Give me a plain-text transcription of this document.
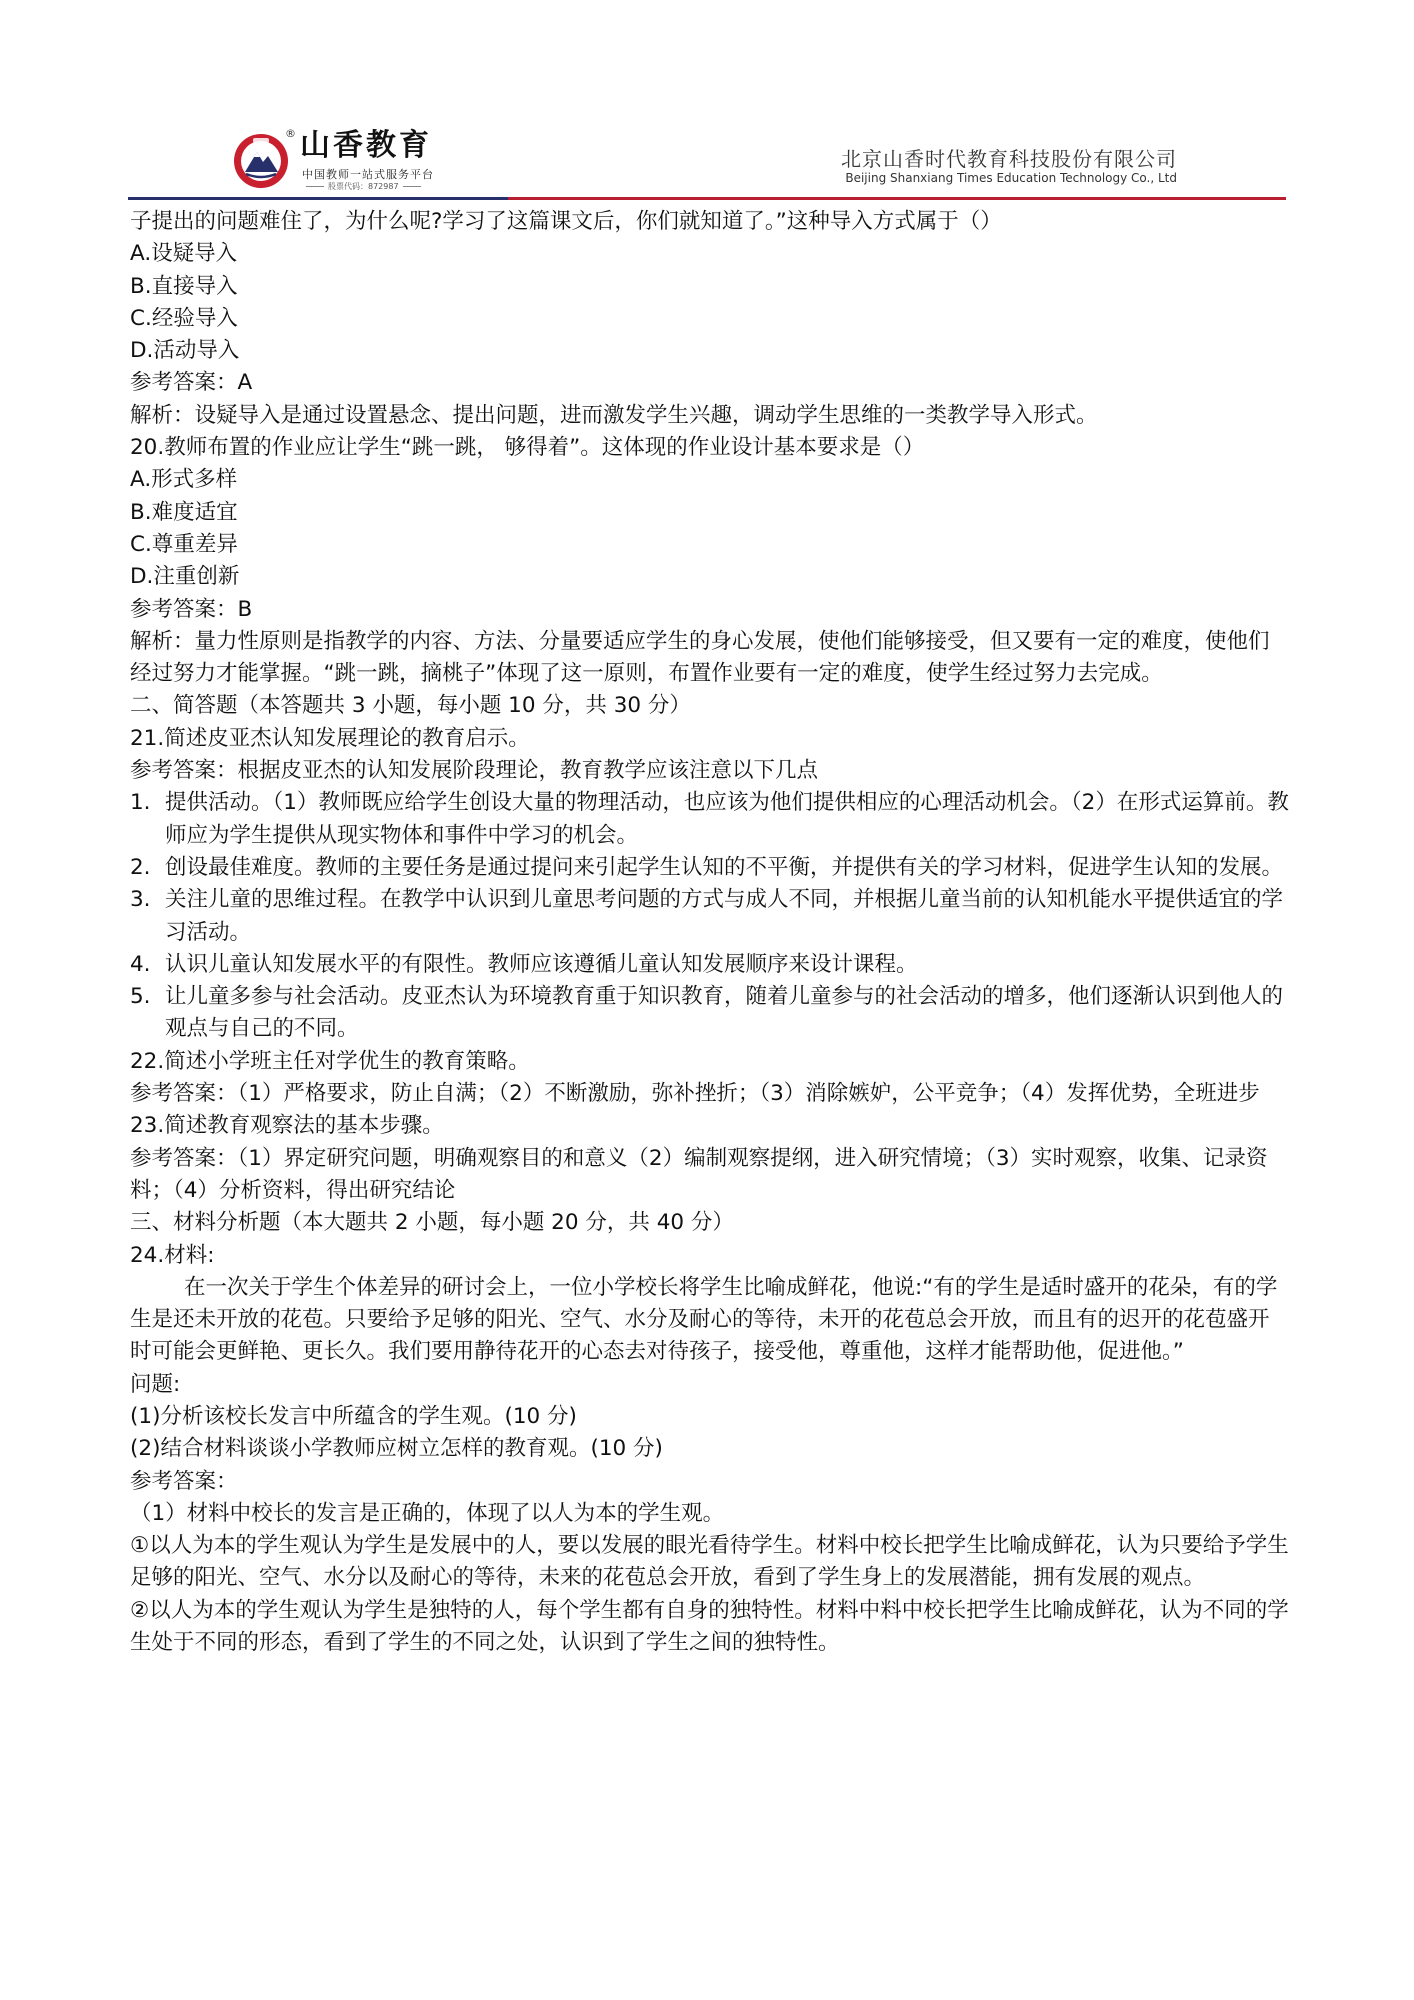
® 山香教育
中国教师一站式服务平台
股票代码：872987
北京山香时代教育科技股份有限公司
Beijing Shanxiang Times Education Technology Co., Ltd

子提出的问题难住了，为什么呢?学习了这篇课文后，你们就知道了。”这种导入方式属于（）

A.设疑导入

B.直接导入

C.经验导入

D.活动导入

参考答案：A

解析：设疑导入是通过设置悬念、提出问题，进而激发学生兴趣，调动学生思维的一类教学导入形式。

20.教师布置的作业应让学生“跳一跳， 够得着”。这体现的作业设计基本要求是（）

A.形式多样

B.难度适宜

C.尊重差异

D.注重创新

参考答案：B

解析：量力性原则是指教学的内容、方法、分量要适应学生的身心发展，使他们能够接受，但又要有一定的难度，使他们经过努力才能掌握。“跳一跳，摘桃子”体现了这一原则，布置作业要有一定的难度，使学生经过努力去完成。

二、简答题（本答题共 3 小题，每小题 10 分，共 30 分）

21.简述皮亚杰认知发展理论的教育启示。

参考答案：根据皮亚杰的认知发展阶段理论，教育教学应该注意以下几点

1. 提供活动。（1）教师既应给学生创设大量的物理活动，也应该为他们提供相应的心理活动机会。（2）在形式运算前。教师应为学生提供从现实物体和事件中学习的机会。
2. 创设最佳难度。教师的主要任务是通过提问来引起学生认知的不平衡，并提供有关的学习材料，促进学生认知的发展。
3. 关注儿童的思维过程。在教学中认识到儿童思考问题的方式与成人不同，并根据儿童当前的认知机能水平提供适宜的学习活动。
4. 认识儿童认知发展水平的有限性。教师应该遵循儿童认知发展顺序来设计课程。
5. 让儿童多参与社会活动。皮亚杰认为环境教育重于知识教育，随着儿童参与的社会活动的增多，他们逐渐认识到他人的观点与自己的不同。

22.简述小学班主任对学优生的教育策略。

参考答案：（1）严格要求，防止自满；（2）不断激励，弥补挫折；（3）消除嫉妒，公平竞争；（4）发挥优势，全班进步

23.简述教育观察法的基本步骤。

参考答案：（1）界定研究问题，明确观察目的和意义（2）编制观察提纲，进入研究情境；（3）实时观察，收集、记录资料；（4）分析资料，得出研究结论

三、材料分析题（本大题共 2 小题，每小题 20 分，共 40 分）

24.材料:

在一次关于学生个体差异的研讨会上，一位小学校长将学生比喻成鲜花，他说:“有的学生是适时盛开的花朵，有的学生是还未开放的花苞。只要给予足够的阳光、空气、水分及耐心的等待，未开的花苞总会开放，而且有的迟开的花苞盛开时可能会更鲜艳、更长久。我们要用静待花开的心态去对待孩子，接受他，尊重他，这样才能帮助他，促进他。”

问题:

(1)分析该校长发言中所蕴含的学生观。(10 分)

(2)结合材料谈谈小学教师应树立怎样的教育观。(10 分)

参考答案：

（1）材料中校长的发言是正确的，体现了以人为本的学生观。

①以人为本的学生观认为学生是发展中的人，要以发展的眼光看待学生。材料中校长把学生比喻成鲜花，认为只要给予学生足够的阳光、空气、水分以及耐心的等待，未来的花苞总会开放，看到了学生身上的发展潜能，拥有发展的观点。

②以人为本的学生观认为学生是独特的人，每个学生都有自身的独特性。材料中料中校长把学生比喻成鲜花，认为不同的学生处于不同的形态，看到了学生的不同之处，认识到了学生之间的独特性。
